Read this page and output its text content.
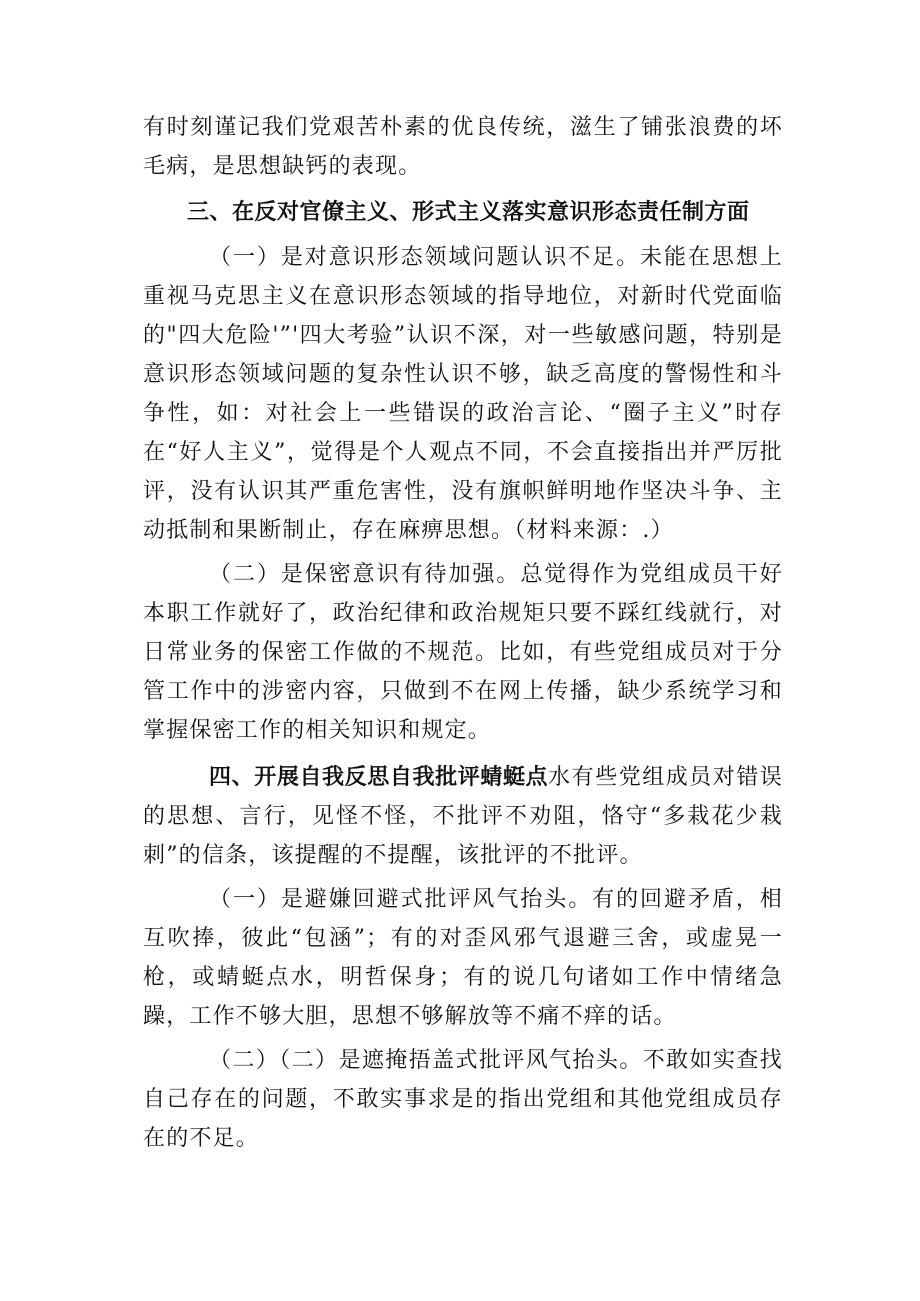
有时刻谨记我们党艰苦朴素的优良传统，滋生了铺张浪费的坏毛病，是思想缺钙的表现。

三、在反对官僚主义、形式主义落实意识形态责任制方面

（一）是对意识形态领域问题认识不足。未能在思想上重视马克思主义在意识形态领域的指导地位，对新时代党面临的"四大危险'”'四大考验”认识不深，对一些敏感问题，特别是意识形态领域问题的复杂性认识不够，缺乏高度的警惕性和斗争性，如：对社会上一些错误的政治言论、“圈子主义”时存在“好人主义”，觉得是个人观点不同，不会直接指出并严厉批评，没有认识其严重危害性，没有旗帜鲜明地作坚决斗争、主动抵制和果断制止，存在麻痹思想。（材料来源：.）

（二）是保密意识有待加强。总觉得作为党组成员干好本职工作就好了，政治纪律和政治规矩只要不踩红线就行，对日常业务的保密工作做的不规范。比如，有些党组成员对于分管工作中的涉密内容，只做到不在网上传播，缺少系统学习和掌握保密工作的相关知识和规定。

四、开展自我反思自我批评蜻蜓点水有些党组成员对错误的思想、言行，见怪不怪，不批评不劝阻，恪守“多栽花少栽刺”的信条，该提醒的不提醒，该批评的不批评。

（一）是避嫌回避式批评风气抬头。有的回避矛盾，相互吹捧，彼此“包涵”；有的对歪风邪气退避三舍，或虚晃一枪，或蜻蜓点水，明哲保身；有的说几句诸如工作中情绪急躁，工作不够大胆，思想不够解放等不痛不痒的话。

（二）（二）是遮掩捂盖式批评风气抬头。不敢如实查找自己存在的问题，不敢实事求是的指出党组和其他党组成员存在的不足。
